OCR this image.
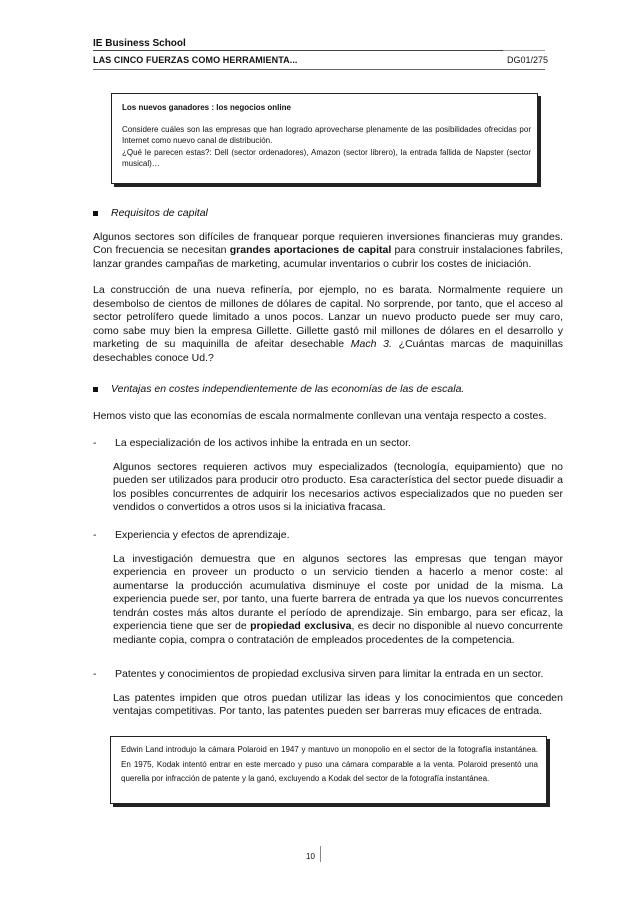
IE Business School
LAS CINCO FUERZAS COMO HERRAMIENTA...	DG01/275
Los nuevos ganadores : los negocios online

Considere cuáles son las empresas que han logrado aprovecharse plenamente de las posibilidades ofrecidas por Internet como nuevo canal de distribución.

¿Qué le parecen estas?: Dell (sector ordenadores), Amazon (sector librero), la entrada fallida de Napster (sector musical)…

Requisitos de capital

Algunos sectores son difíciles de franquear porque requieren inversiones financieras muy grandes. Con frecuencia se necesitan grandes aportaciones de capital para construir instalaciones fabriles, lanzar grandes campañas de marketing, acumular inventarios o cubrir los costes de iniciación.

La construcción de una nueva refinería, por ejemplo, no es barata. Normalmente requiere un desembolso de cientos de millones de dólares de capital. No sorprende, por tanto, que el acceso al sector petrolífero quede limitado a unos pocos. Lanzar un nuevo producto puede ser muy caro, como sabe muy bien la empresa Gillette. Gillette gastó mil millones de dólares en el desarrollo y marketing de su maquinilla de afeitar desechable Mach 3. ¿Cuántas marcas de maquinillas desechables conoce Ud.?

Ventajas en costes independientemente de las economías de las de escala.

Hemos visto que las economías de escala normalmente conllevan una ventaja respecto a costes.

-	La especialización de los activos inhibe la entrada en un sector.

Algunos sectores requieren activos muy especializados (tecnología, equipamiento) que no pueden ser utilizados para producir otro producto. Esa característica del sector puede disuadir a los posibles concurrentes de adquirir los necesarios activos especializados que no pueden ser vendidos o convertidos a otros usos si la iniciativa fracasa.

-	Experiencia y efectos de aprendizaje.

La investigación demuestra que en algunos sectores las empresas que tengan mayor experiencia en proveer un producto o un servicio tienden a hacerlo a menor coste: al aumentarse la producción acumulativa disminuye el coste por unidad de la misma. La experiencia puede ser, por tanto, una fuerte barrera de entrada ya que los nuevos concurrentes tendrán costes más altos durante el período de aprendizaje. Sin embargo, para ser eficaz, la experiencia tiene que ser de propiedad exclusiva, es decir no disponible al nuevo concurrente mediante copia, compra o contratación de empleados procedentes de la competencia.

-	Patentes y conocimientos de propiedad exclusiva sirven para limitar la entrada en un sector.

Las patentes impiden que otros puedan utilizar las ideas y los conocimientos que conceden ventajas competitivas. Por tanto, las patentes pueden ser barreras muy eficaces de entrada.

Edwin Land introdujo la cámara Polaroid en 1947 y mantuvo un monopolio en el sector de la fotografía instantánea. En 1975, Kodak intentó entrar en este mercado y puso una cámara comparable a la venta. Polaroid presentó una querella por infracción de patente y la ganó, excluyendo a Kodak del sector de la fotografía instantánea.

10
